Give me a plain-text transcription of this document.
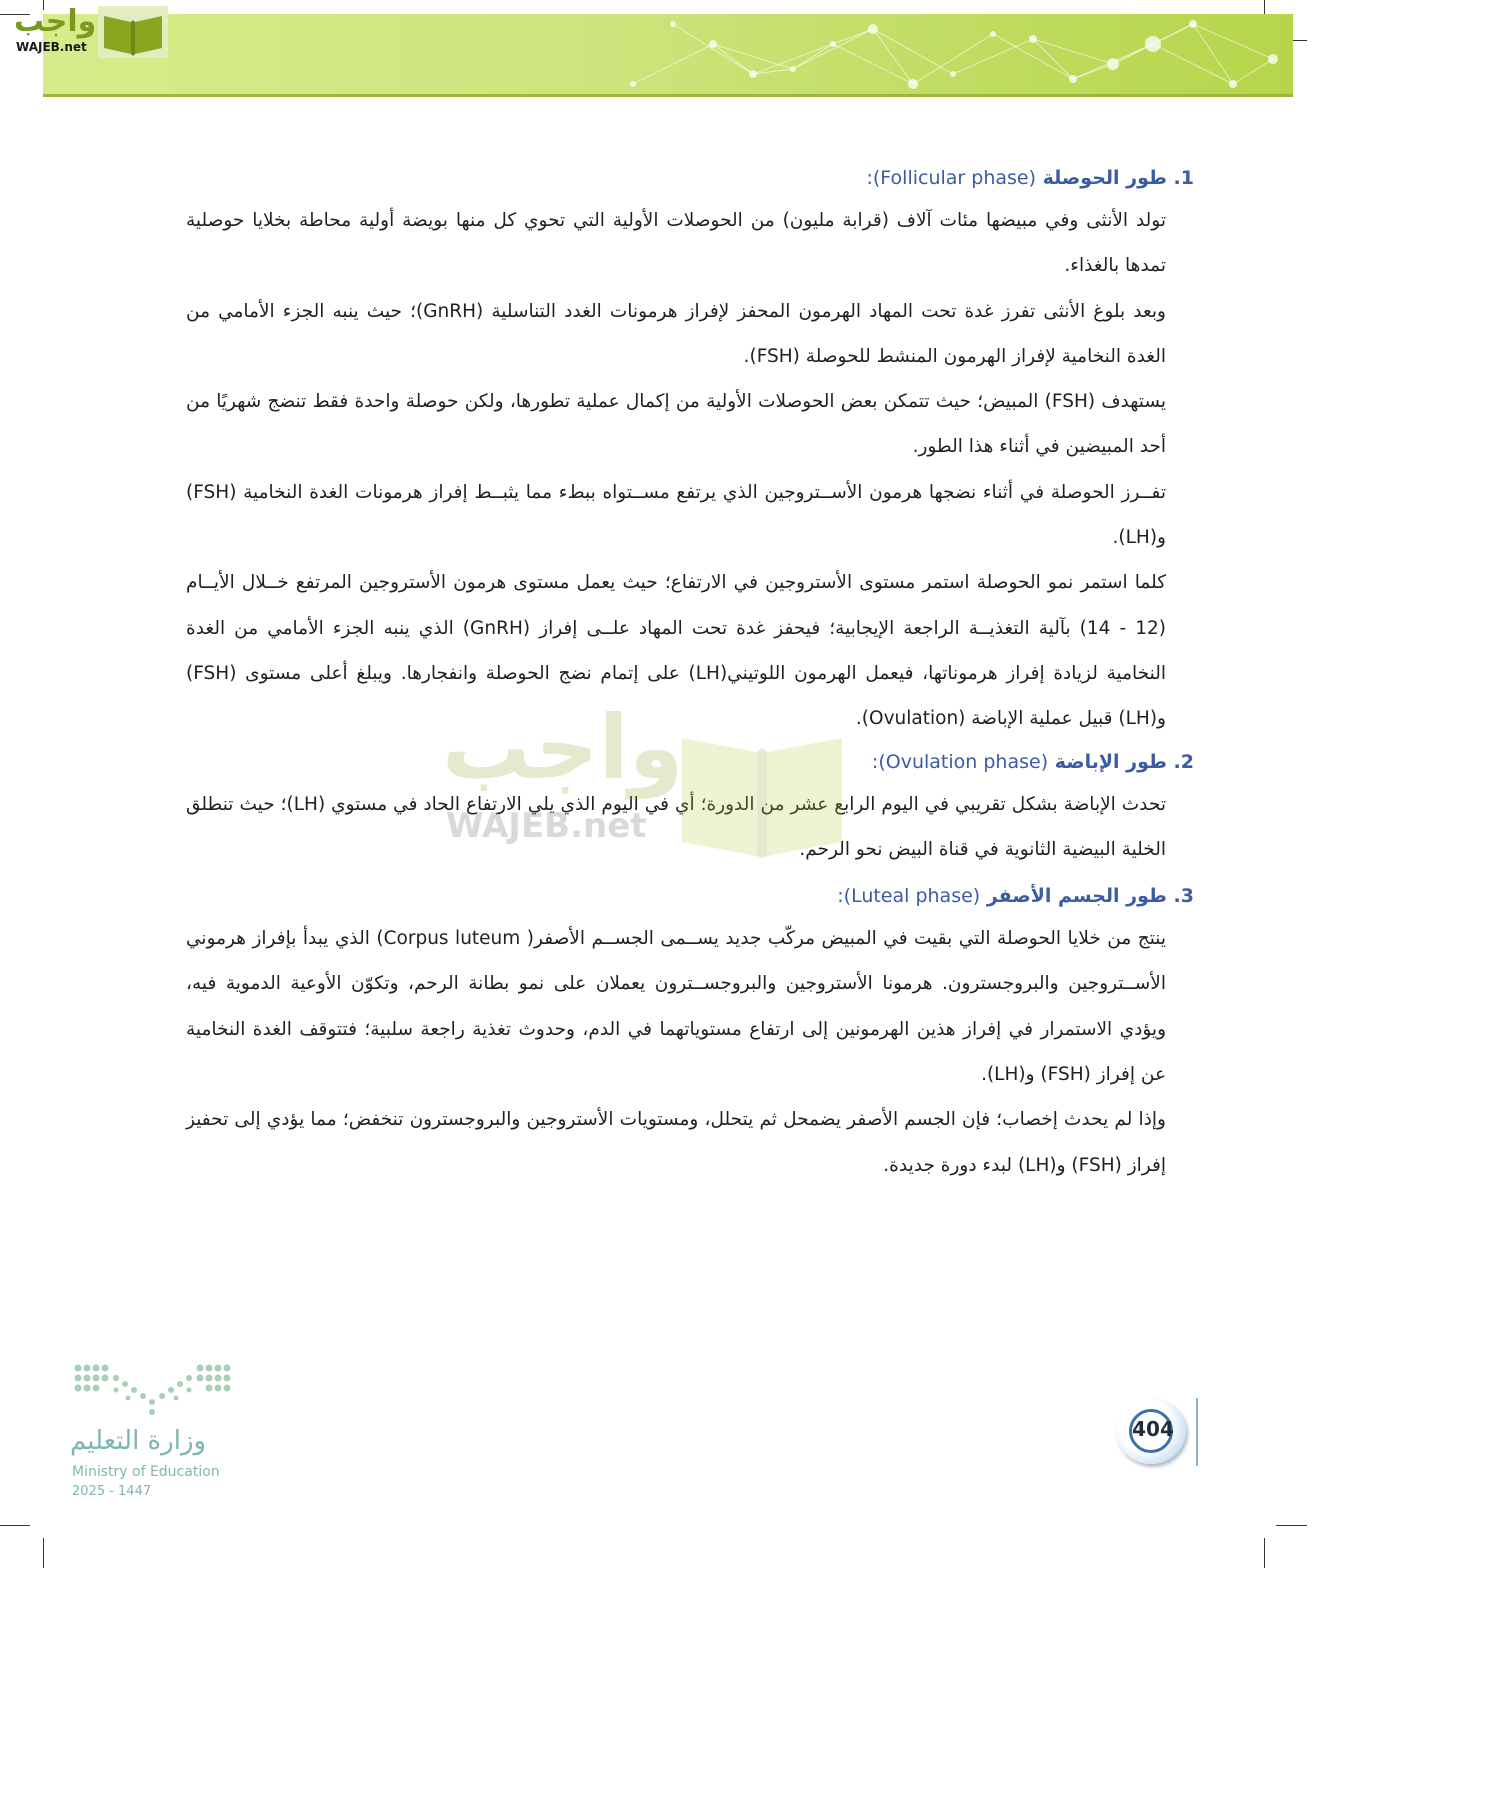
واجب
WAJEB.net
1. طور الحوصلة (Follicular phase):

تولد الأنثى وفي مبيضها مئات آلاف (قرابة مليون) من الحوصلات الأولية التي تحوي كل منها بويضة أولية محاطة بخلايا حوصلية تمدها بالغذاء.

وبعد بلوغ الأنثى تفرز غدة تحت المهاد الهرمون المحفز لإفراز هرمونات الغدد التناسلية (GnRH)؛ حيث ينبه الجزء الأمامي من الغدة النخامية لإفراز الهرمون المنشط للحوصلة (FSH).

يستهدف (FSH) المبيض؛ حيث تتمكن بعض الحوصلات الأولية من إكمال عملية تطورها، ولكن حوصلة واحدة فقط تنضج شهريًا من أحد المبيضين في أثناء هذا الطور.

تفــرز الحوصلة في أثناء نضجها هرمون الأســتروجين الذي يرتفع مســتواه ببطء مما يثبــط إفراز هرمونات الغدة النخامية (FSH) و(LH).

كلما استمر نمو الحوصلة استمر مستوى الأستروجين في الارتفاع؛ حيث يعمل مستوى هرمون الأستروجين المرتفع خــلال الأيــام (12 - 14) بآلية التغذيــة الراجعة الإيجابية؛ فيحفز غدة تحت المهاد علــى إفراز (GnRH) الذي ينبه الجزء الأمامي من الغدة النخامية لزيادة إفراز هرموناتها، فيعمل الهرمون اللوتيني(LH) على إتمام نضج الحوصلة وانفجارها. ويبلغ أعلى مستوى (FSH) و(LH) قبيل عملية الإباضة (Ovulation).

2. طور الإباضة (Ovulation phase):

تحدث الإباضة بشكل تقريبي في اليوم الرابع عشر من الدورة؛ أي في اليوم الذي يلي الارتفاع الحاد في مستوي (LH)؛ حيث تنطلق الخلية البيضية الثانوية في قناة البيض نحو الرحم.

3. طور الجسم الأصفر (Luteal phase):

ينتج من خلايا الحوصلة التي بقيت في المبيض مركّب جديد يســمى الجســم الأصفر( Corpus luteum) الذي يبدأ بإفراز هرموني الأســتروجين والبروجسترون. هرمونا الأستروجين والبروجســترون يعملان على نمو بطانة الرحم، وتكوّن الأوعية الدموية فيه، ويؤدي الاستمرار في إفراز هذين الهرمونين إلى ارتفاع مستوياتهما في الدم، وحدوث تغذية راجعة سلبية؛ فتتوقف الغدة النخامية عن إفراز (FSH) و(LH).

وإذا لم يحدث إخصاب؛ فإن الجسم الأصفر يضمحل ثم يتحلل، ومستويات الأستروجين والبروجسترون تنخفض؛ مما يؤدي إلى تحفيز إفراز (FSH) و(LH) لبدء دورة جديدة.

واجب
WAJEB.net
وزارة التعليم
Ministry of Education
2025 - 1447
404
